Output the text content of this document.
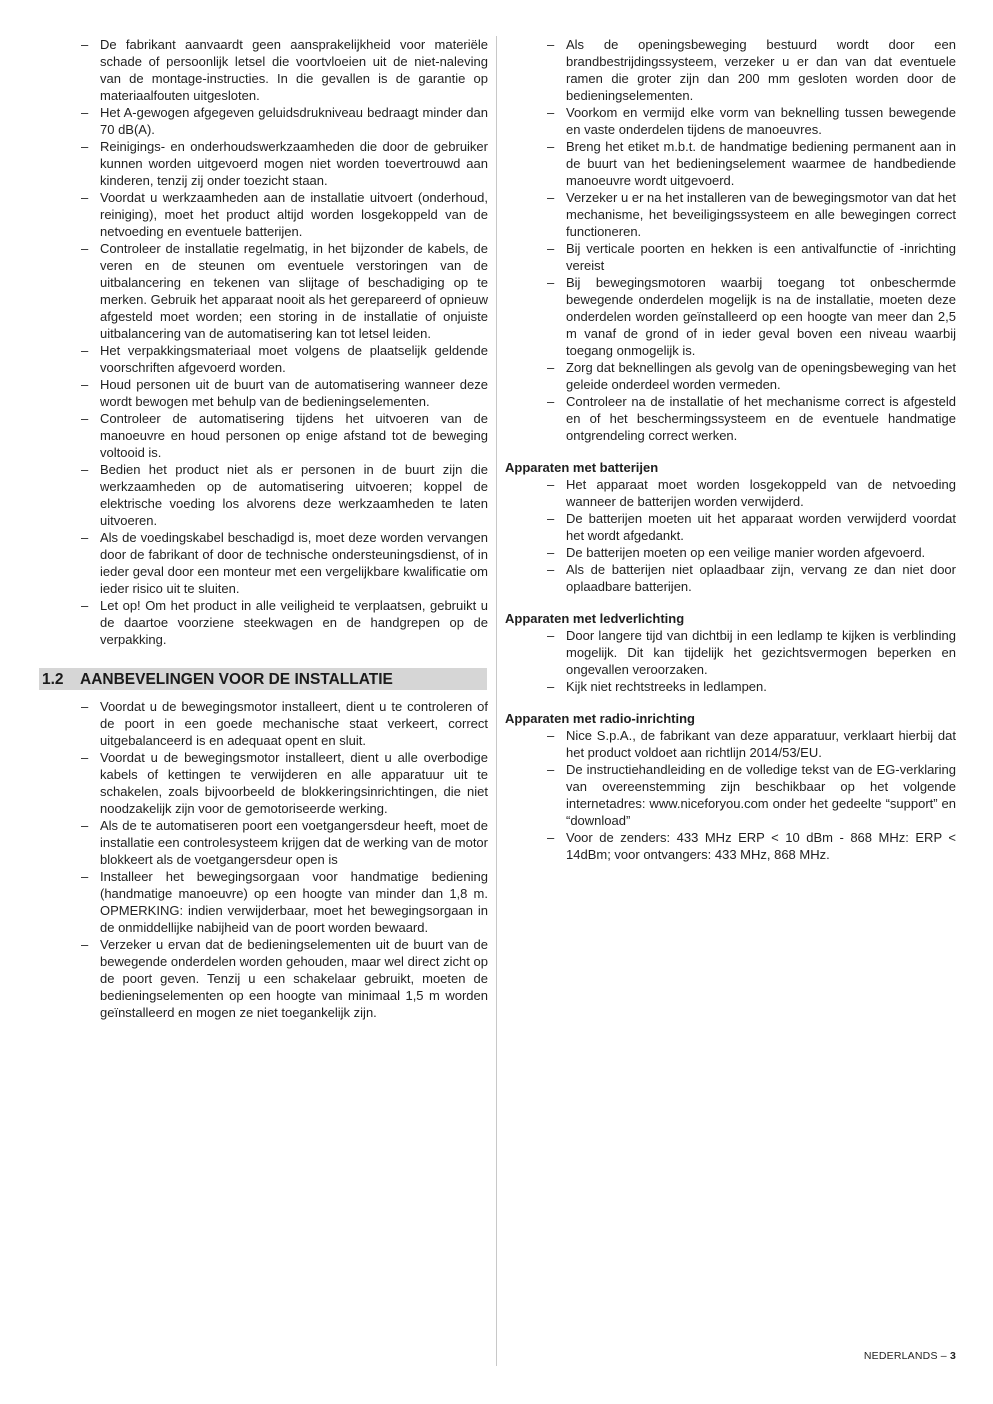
– De fabrikant aanvaardt geen aansprakelijkheid voor materiële schade of persoonlijk letsel die voortvloeien uit de niet-naleving van de montage-instructies. In die gevallen is de garantie op materiaalfouten uitgesloten.
– Het A-gewogen afgegeven geluidsdrukniveau bedraagt minder dan 70 dB(A).
– Reinigings- en onderhoudswerkzaamheden die door de gebruiker kunnen worden uitgevoerd mogen niet worden toevertrouwd aan kinderen, tenzij zij onder toezicht staan.
– Voordat u werkzaamheden aan de installatie uitvoert (onderhoud, reiniging), moet het product altijd worden losgekoppeld van de netvoeding en eventuele batterijen.
– Controleer de installatie regelmatig, in het bijzonder de kabels, de veren en de steunen om eventuele verstoringen van de uitbalancering en tekenen van slijtage of beschadiging op te merken. Gebruik het apparaat nooit als het gerepareerd of opnieuw afgesteld moet worden; een storing in de installatie of onjuiste uitbalancering van de automatisering kan tot letsel leiden.
– Het verpakkingsmateriaal moet volgens de plaatselijk geldende voorschriften afgevoerd worden.
– Houd personen uit de buurt van de automatisering wanneer deze wordt bewogen met behulp van de bedieningselementen.
– Controleer de automatisering tijdens het uitvoeren van de manoeuvre en houd personen op enige afstand tot de beweging voltooid is.
– Bedien het product niet als er personen in de buurt zijn die werkzaamheden op de automatisering uitvoeren; koppel de elektrische voeding los alvorens deze werkzaamheden te laten uitvoeren.
– Als de voedingskabel beschadigd is, moet deze worden vervangen door de fabrikant of door de technische ondersteuningsdienst, of in ieder geval door een monteur met een vergelijkbare kwalificatie om ieder risico uit te sluiten.
– Let op! Om het product in alle veiligheid te verplaatsen, gebruikt u de daartoe voorziene steekwagen en de handgrepen op de verpakking.
1.2	AANBEVELINGEN VOOR DE INSTALLATIE
– Voordat u de bewegingsmotor installeert, dient u te controleren of de poort in een goede mechanische staat verkeert, correct uitgebalanceerd is en adequaat opent en sluit.
– Voordat u de bewegingsmotor installeert, dient u alle overbodige kabels of kettingen te verwijderen en alle apparatuur uit te schakelen, zoals bijvoorbeeld de blokkeringsinrichtingen, die niet noodzakelijk zijn voor de gemotoriseerde werking.
– Als de te automatiseren poort een voetgangersdeur heeft, moet de installatie een controlesysteem krijgen dat de werking van de motor blokkeert als de voetgangersdeur open is
– Installeer het bewegingsorgaan voor handmatige bediening (handmatige manoeuvre) op een hoogte van minder dan 1,8 m. OPMERKING: indien verwijderbaar, moet het bewegingsorgaan in de onmiddellijke nabijheid van de poort worden bewaard.
– Verzeker u ervan dat de bedieningselementen uit de buurt van de bewegende onderdelen worden gehouden, maar wel direct zicht op de poort geven. Tenzij u een schakelaar gebruikt, moeten de bedieningselementen op een hoogte van minimaal 1,5 m worden geïnstalleerd en mogen ze niet toegankelijk zijn.
– Als de openingsbeweging bestuurd wordt door een brandbestrijdingssysteem, verzeker u er dan van dat eventuele ramen die groter zijn dan 200 mm gesloten worden door de bedieningselementen.
– Voorkom en vermijd elke vorm van beknelling tussen bewegende en vaste onderdelen tijdens de manoeuvres.
– Breng het etiket m.b.t. de handmatige bediening permanent aan in de buurt van het bedieningselement waarmee de handbediende manoeuvre wordt uitgevoerd.
– Verzeker u er na het installeren van de bewegingsmotor van dat het mechanisme, het beveiligingssysteem en alle bewegingen correct functioneren.
– Bij verticale poorten en hekken is een antivalfunctie of -inrichting vereist
– Bij bewegingsmotoren waarbij toegang tot onbeschermde bewegende onderdelen mogelijk is na de installatie, moeten deze onderdelen worden geïnstalleerd op een hoogte van meer dan 2,5 m vanaf de grond of in ieder geval boven een niveau waarbij toegang onmogelijk is.
– Zorg dat beknellingen als gevolg van de openingsbeweging van het geleide onderdeel worden vermeden.
– Controleer na de installatie of het mechanisme correct is afgesteld en of het beschermingssysteem en de eventuele handmatige ontgrendeling correct werken.
Apparaten met batterijen
– Het apparaat moet worden losgekoppeld van de netvoeding wanneer de batterijen worden verwijderd.
– De batterijen moeten uit het apparaat worden verwijderd voordat het wordt afgedankt.
– De batterijen moeten op een veilige manier worden afgevoerd.
– Als de batterijen niet oplaadbaar zijn, vervang ze dan niet door oplaadbare batterijen.
Apparaten met ledverlichting
– Door langere tijd van dichtbij in een ledlamp te kijken is verblinding mogelijk. Dit kan tijdelijk het gezichtsvermogen beperken en ongevallen veroorzaken.
– Kijk niet rechtstreeks in ledlampen.
Apparaten met radio-inrichting
– Nice S.p.A., de fabrikant van deze apparatuur, verklaart hierbij dat het product voldoet aan richtlijn 2014/53/EU.
– De instructiehandleiding en de volledige tekst van de EG-verklaring van overeenstemming zijn beschikbaar op het volgende internetadres: www.niceforyou.com onder het gedeelte “support” en “download”
– Voor de zenders: 433 MHz ERP < 10 dBm - 868 MHz: ERP < 14dBm; voor ontvangers: 433 MHz, 868 MHz.
NEDERLANDS – 3
